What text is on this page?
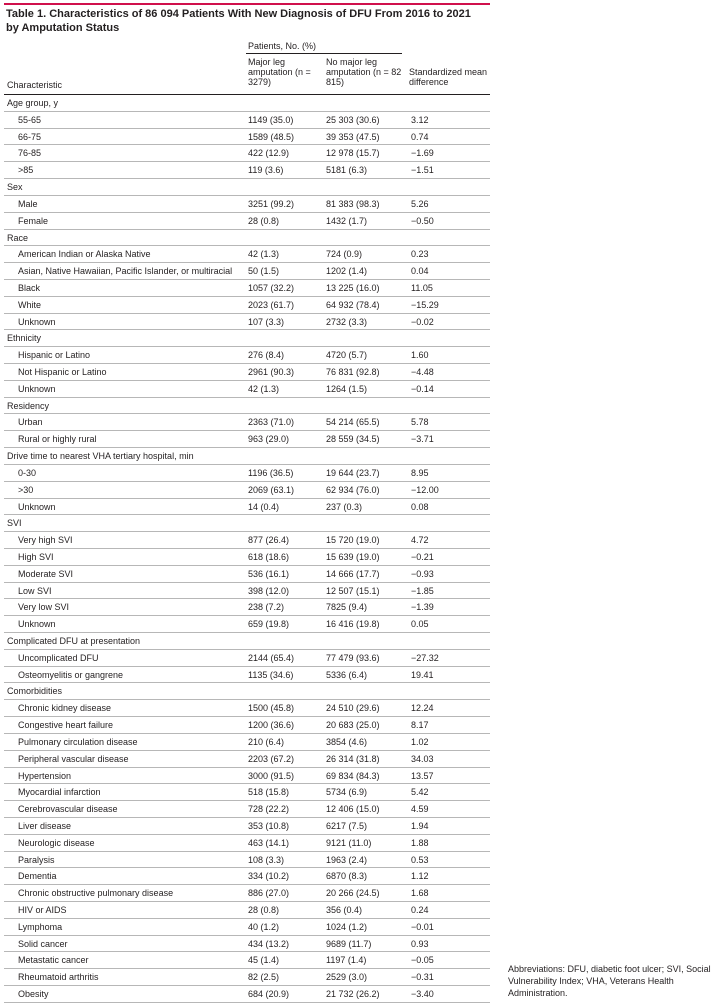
Table 1. Characteristics of 86 094 Patients With New Diagnosis of DFU From 2016 to 2021 by Amputation Status
Patients, No. (%)
Major leg amputation (n = 3279)
No major leg amputation (n = 82 815)
Standardized mean difference
Characteristic
Age group, y
55-65	1149 (35.0)	25 303 (30.6)	3.12
66-75	1589 (48.5)	39 353 (47.5)	0.74
76-85	422 (12.9)	12 978 (15.7)	−1.69
>85	119 (3.6)	5181 (6.3)	−1.51
Sex
Male	3251 (99.2)	81 383 (98.3)	5.26
Female	28 (0.8)	1432 (1.7)	−0.50
Race
American Indian or Alaska Native	42 (1.3)	724 (0.9)	0.23
Asian, Native Hawaiian, Pacific Islander, or multiracial 50 (1.5)	1202 (1.4)	0.04
Black	1057 (32.2)	13 225 (16.0)	11.05
White	2023 (61.7)	64 932 (78.4)	−15.29
Unknown	107 (3.3)	2732 (3.3)	−0.02
Ethnicity
Hispanic or Latino	276 (8.4)	4720 (5.7)	1.60
Not Hispanic or Latino	2961 (90.3)	76 831 (92.8)	−4.48
Unknown	42 (1.3)	1264 (1.5)	−0.14
Residency
Urban	2363 (71.0)	54 214 (65.5)	5.78
Rural or highly rural	963 (29.0)	28 559 (34.5)	−3.71
Drive time to nearest VHA tertiary hospital, min
0-30	1196 (36.5)	19 644 (23.7)	8.95
>30	2069 (63.1)	62 934 (76.0)	−12.00
Unknown	14 (0.4)	237 (0.3)	0.08
SVI
Very high SVI	877 (26.4)	15 720 (19.0)	4.72
High SVI	618 (18.6)	15 639 (19.0)	−0.21
Moderate SVI	536 (16.1)	14 666 (17.7)	−0.93
Low SVI	398 (12.0)	12 507 (15.1)	−1.85
Very low SVI	238 (7.2)	7825 (9.4)	−1.39
Unknown	659 (19.8)	16 416 (19.8)	0.05
Complicated DFU at presentation
Uncomplicated DFU	2144 (65.4)	77 479 (93.6)	−27.32
Osteomyelitis or gangrene	1135 (34.6)	5336 (6.4)	19.41
Comorbidities
Chronic kidney disease	1500 (45.8)	24 510 (29.6)	12.24
Congestive heart failure	1200 (36.6)	20 683 (25.0)	8.17
Pulmonary circulation disease	210 (6.4)	3854 (4.6)	1.02
Peripheral vascular disease	2203 (67.2)	26 314 (31.8)	34.03
Hypertension	3000 (91.5)	69 834 (84.3)	13.57
Myocardial infarction	518 (15.8)	5734 (6.9)	5.42
Cerebrovascular disease	728 (22.2)	12 406 (15.0)	4.59
Liver disease	353 (10.8)	6217 (7.5)	1.94
Neurologic disease	463 (14.1)	9121 (11.0)	1.88
Paralysis	108 (3.3)	1963 (2.4)	0.53
Dementia	334 (10.2)	6870 (8.3)	1.12
Chronic obstructive pulmonary disease	886 (27.0)	20 266 (24.5)	1.68
HIV or AIDS	28 (0.8)	356 (0.4)	0.24
Lymphoma	40 (1.2)	1024 (1.2)	−0.01
Solid cancer	434 (13.2)	9689 (11.7)	0.93
Metastatic cancer	45 (1.4)	1197 (1.4)	−0.05
Rheumatoid arthritis	82 (2.5)	2529 (3.0)	−0.31
Obesity	684 (20.9)	21 732 (26.2)	−3.40
Abbreviations: DFU, diabetic foot ulcer; SVI, Social Vulnerability Index; VHA, Veterans Health Administration.
